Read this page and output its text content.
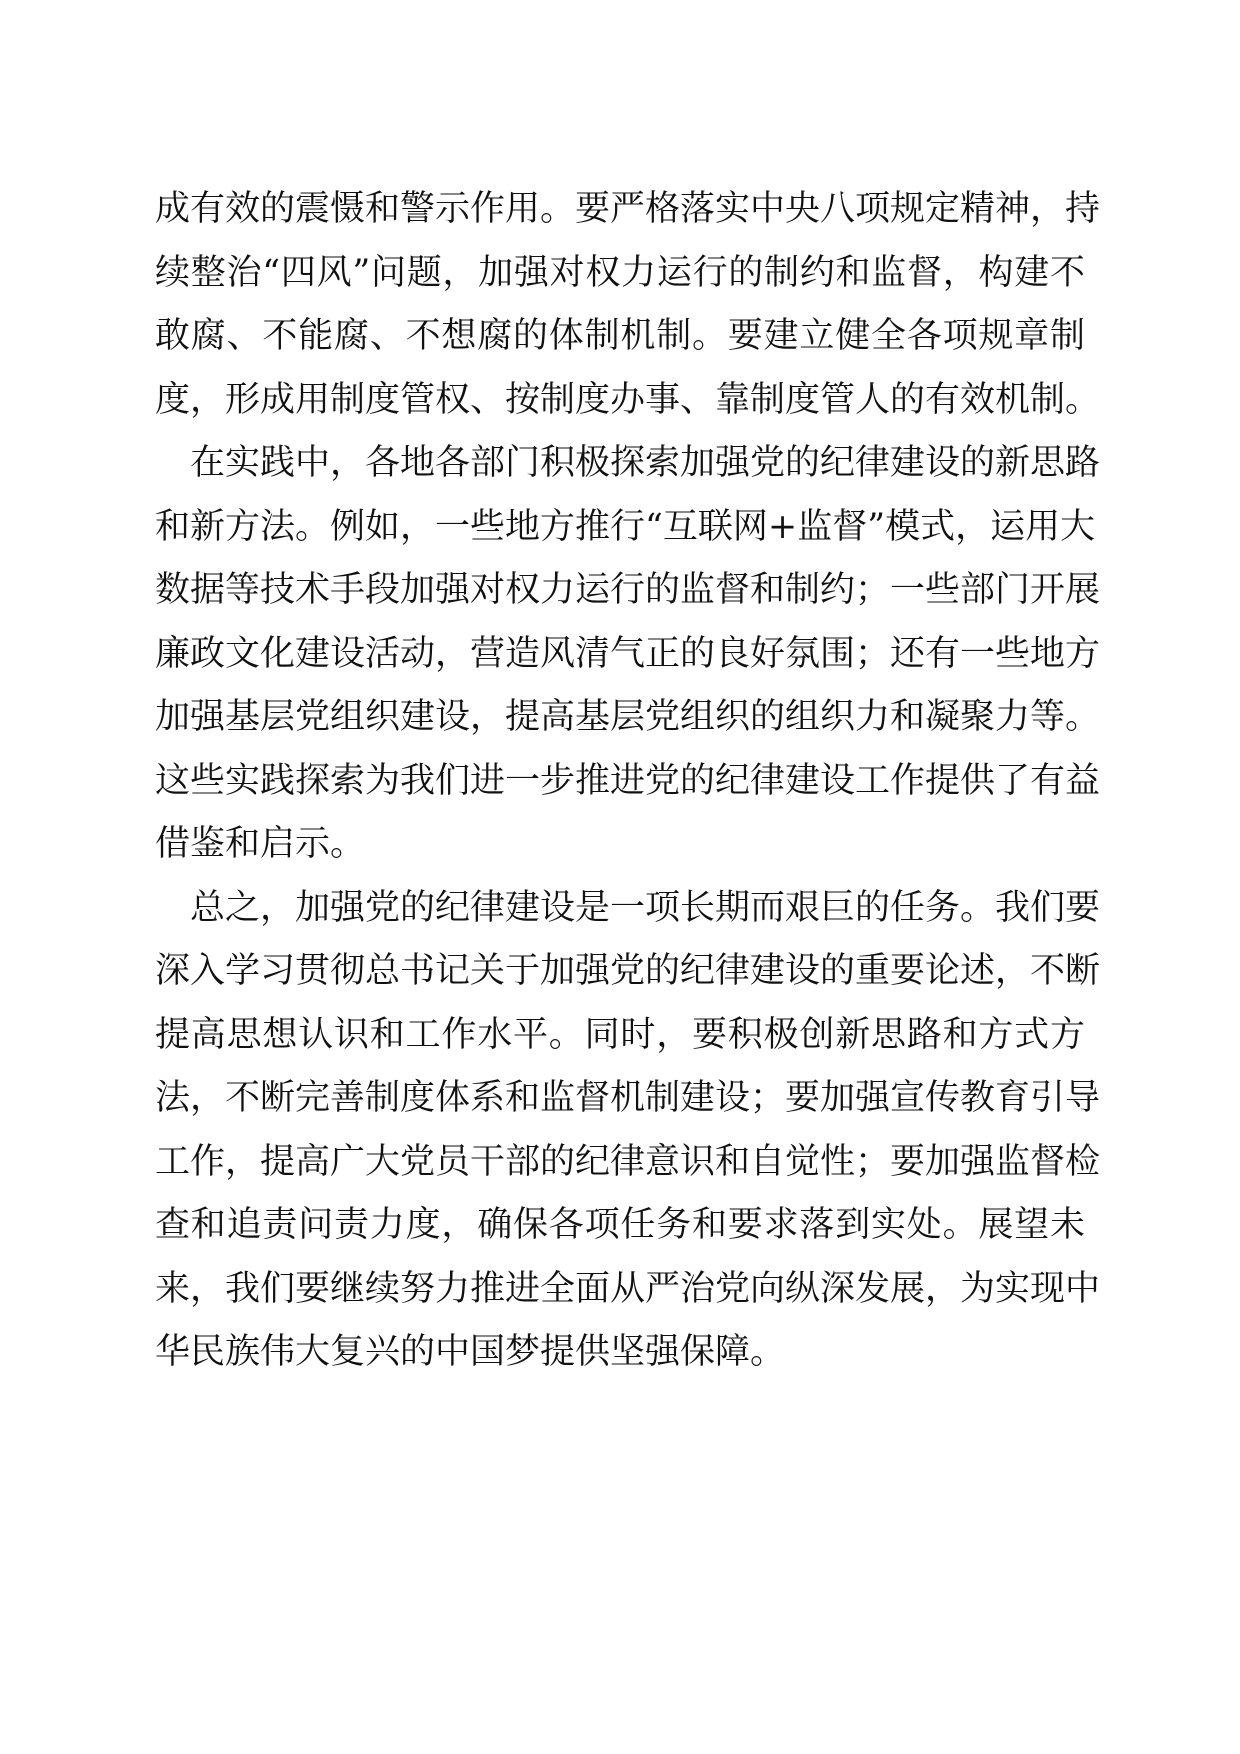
成有效的震慑和警示作用。要严格落实中央八项规定精神，持
续整治“四风”问题，加强对权力运行的制约和监督，构建不
敢腐、不能腐、不想腐的体制机制。要建立健全各项规章制
度，形成用制度管权、按制度办事、靠制度管人的有效机制。
在实践中，各地各部门积极探索加强党的纪律建设的新思路
和新方法。例如，一些地方推行“互联网+监督”模式，运用大
数据等技术手段加强对权力运行的监督和制约；一些部门开展
廉政文化建设活动，营造风清气正的良好氛围；还有一些地方
加强基层党组织建设，提高基层党组织的组织力和凝聚力等。
这些实践探索为我们进一步推进党的纪律建设工作提供了有益
借鉴和启示。
总之，加强党的纪律建设是一项长期而艰巨的任务。我们要
深入学习贯彻总书记关于加强党的纪律建设的重要论述，不断
提高思想认识和工作水平。同时，要积极创新思路和方式方
法，不断完善制度体系和监督机制建设；要加强宣传教育引导
工作，提高广大党员干部的纪律意识和自觉性；要加强监督检
查和追责问责力度，确保各项任务和要求落到实处。展望未
来，我们要继续努力推进全面从严治党向纵深发展，为实现中
华民族伟大复兴的中国梦提供坚强保障。
